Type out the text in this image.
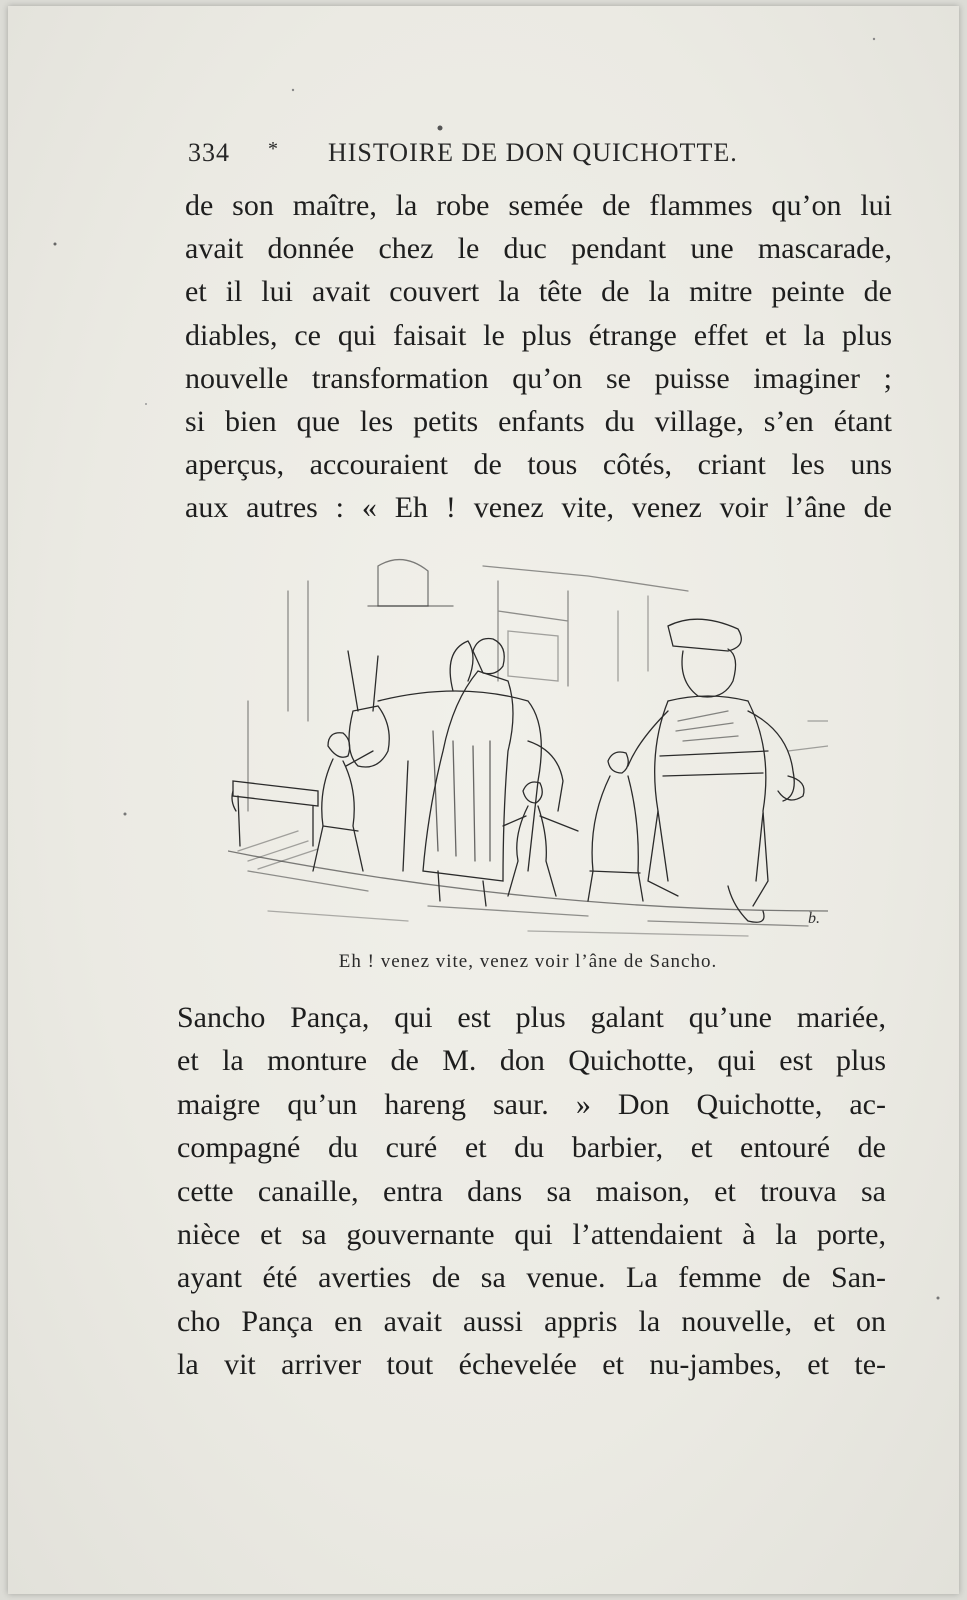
334 * HISTOIRE DE DON QUICHOTTE.
de son maître, la robe semée de flammes qu’on lui
avait donnée chez le duc pendant une mascarade,
et il lui avait couvert la tête de la mitre peinte de
diables, ce qui faisait le plus étrange effet et la plus
nouvelle transformation qu’on se puisse imaginer ;
si bien que les petits enfants du village, s’en étant
aperçus, accouraient de tous côtés, criant les uns
aux autres : « Eh ! venez vite, venez voir l’âne de
b.
Eh ! venez vite, venez voir l’âne de Sancho.
Sancho Pança, qui est plus galant qu’une mariée,
et la monture de M. don Quichotte, qui est plus
maigre qu’un hareng saur. » Don Quichotte, ac-
compagné du curé et du barbier, et entouré de
cette canaille, entra dans sa maison, et trouva sa
nièce et sa gouvernante qui l’attendaient à la porte,
ayant été averties de sa venue. La femme de San-
cho Pança en avait aussi appris la nouvelle, et on
la vit arriver tout échevelée et nu-jambes, et te-
